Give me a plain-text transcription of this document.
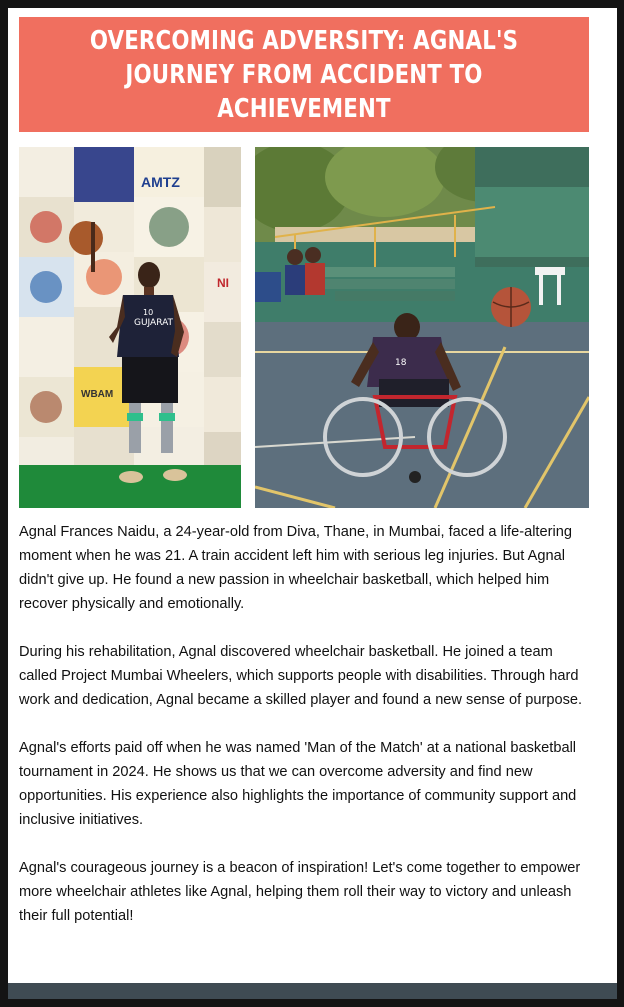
OVERCOMING ADVERSITY: AGNAL'S JOURNEY FROM ACCIDENT TO ACHIEVEMENT
AMTZ
WBAM
NI
GUJARAT
10
18

Agnal Frances Naidu, a 24-year-old from Diva, Thane, in Mumbai, faced a life-altering moment when he was 21. A train accident left him with serious leg injuries. But Agnal didn't give up. He found a new passion in wheelchair basketball, which helped him recover physically and emotionally.

During his rehabilitation, Agnal discovered wheelchair basketball. He joined a team called Project Mumbai Wheelers, which supports people with disabilities. Through hard work and dedication, Agnal became a skilled player and found a new sense of purpose.

Agnal's efforts paid off when he was named 'Man of the Match' at a national basketball tournament in 2024. He shows us that we can overcome adversity and find new opportunities. His experience also highlights the importance of community support and inclusive initiatives.

Agnal's courageous journey is a beacon of inspiration! Let's come together to empower more wheelchair athletes like Agnal, helping them roll their way to victory and unleash their full potential!
